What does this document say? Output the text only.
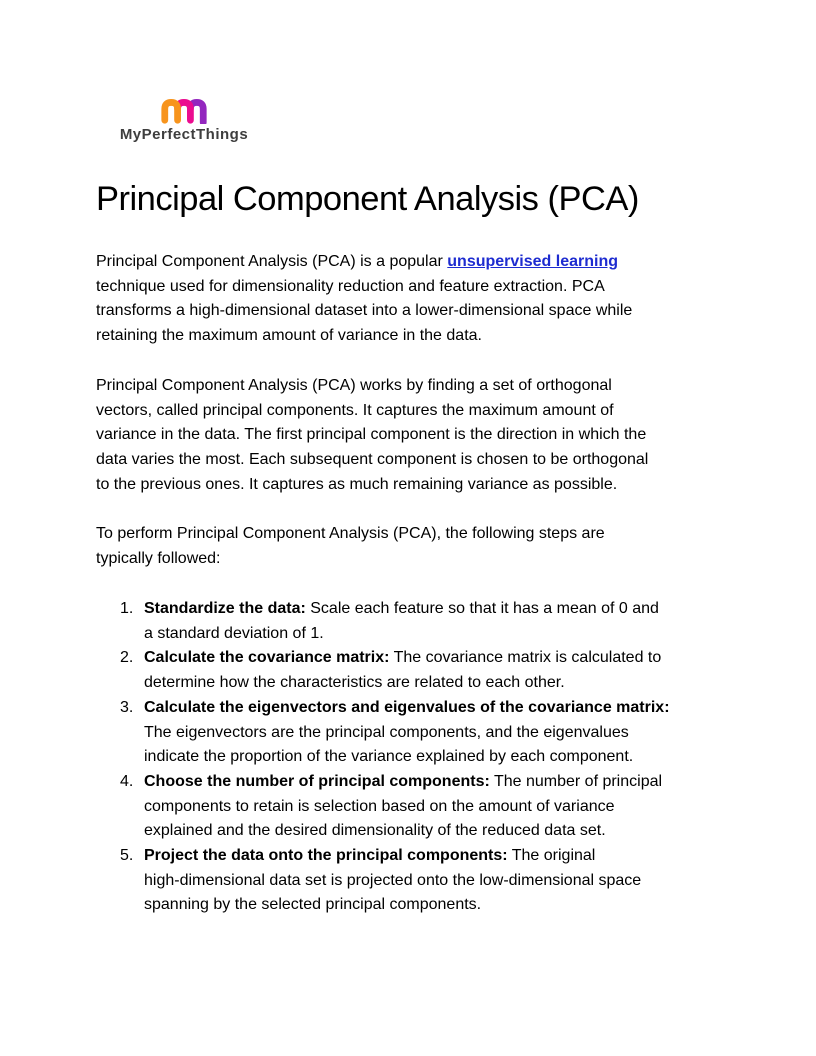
MyPerfectThings
Principal Component Analysis (PCA)
Principal Component Analysis (PCA) is a popular unsupervised learning
technique used for dimensionality reduction and feature extraction. PCA
transforms a high-dimensional dataset into a lower-dimensional space while
retaining the maximum amount of variance in the data.
Principal Component Analysis (PCA) works by finding a set of orthogonal
vectors, called principal components. It captures the maximum amount of
variance in the data. The first principal component is the direction in which the
data varies the most. Each subsequent component is chosen to be orthogonal
to the previous ones. It captures as much remaining variance as possible.
To perform Principal Component Analysis (PCA), the following steps are
typically followed:
1. Standardize the data: Scale each feature so that it has a mean of 0 and
a standard deviation of 1.
2. Calculate the covariance matrix: The covariance matrix is calculated to
determine how the characteristics are related to each other.
3. Calculate the eigenvectors and eigenvalues of the covariance matrix:
The eigenvectors are the principal components, and the eigenvalues
indicate the proportion of the variance explained by each component.
4. Choose the number of principal components: The number of principal
components to retain is selection based on the amount of variance
explained and the desired dimensionality of the reduced data set.
5. Project the data onto the principal components: The original
high-dimensional data set is projected onto the low-dimensional space
spanning by the selected principal components.
